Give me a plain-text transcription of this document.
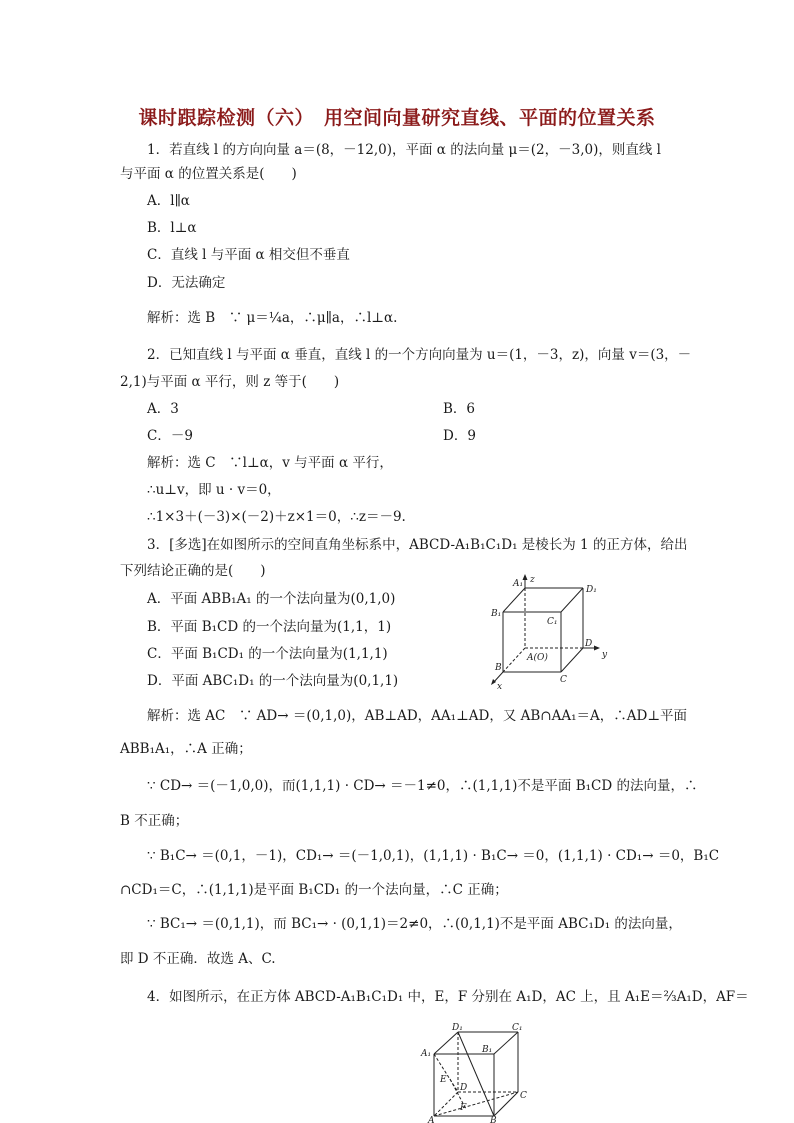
课时跟踪检测（六）　用空间向量研究直线、平面的位置关系
1．若直线 l 的方向向量 a＝(8，－12,0)，平面 α 的法向量 μ＝(2，－3,0)，则直线 l
与平面 α 的位置关系是(　　)
A．l∥α
B．l⊥α
C．直线 l 与平面 α 相交但不垂直
D．无法确定
解析：选 B　∵ μ＝¼a，∴μ∥a，∴l⊥α.
2．已知直线 l 与平面 α 垂直，直线 l 的一个方向向量为 u＝(1，－3，z)，向量 v＝(3，－
2,1)与平面 α 平行，则 z 等于(　　)
A．3	B．6
C．－9	D．9
解析：选 C　∵l⊥α，v 与平面 α 平行，
∴u⊥v，即 u · v＝0，
∴1×3＋(－3)×(－2)＋z×1＝0，∴z＝－9.
3．[多选]在如图所示的空间直角坐标系中，ABCD-A₁B₁C₁D₁ 是棱长为 1 的正方体，给出
下列结论正确的是(　　)
A．平面 ABB₁A₁ 的一个法向量为(0,1,0)
B．平面 B₁CD 的一个法向量为(1,1，1)
C．平面 B₁CD₁ 的一个法向量为(1,1,1)
D．平面 ABC₁D₁ 的一个法向量为(0,1,1)
解析：选 AC　∵ AD→ ＝(0,1,0)，AB⊥AD，AA₁⊥AD，又 AB∩AA₁＝A，∴AD⊥平面
ABB₁A₁，∴A 正确；
∵ CD→ ＝(－1,0,0)，而(1,1,1) · CD→ ＝－1≠0，∴(1,1,1)不是平面 B₁CD 的法向量，∴
B 不正确；
∵ B₁C→ ＝(0,1，－1)，CD₁→ ＝(－1,0,1)，(1,1,1) · B₁C→ ＝0，(1,1,1) · CD₁→ ＝0，B₁C
∩CD₁＝C，∴(1,1,1)是平面 B₁CD₁ 的一个法向量，∴C 正确；
∵ BC₁→ ＝(0,1,1)，而 BC₁→ · (0,1,1)＝2≠0，∴(0,1,1)不是平面 ABC₁D₁ 的法向量，
即 D 不正确．故选 A、C.
4．如图所示，在正方体 ABCD-A₁B₁C₁D₁ 中，E，F 分别在 A₁D，AC 上，且 A₁E＝⅔A₁D，AF＝
A₁
D₁
B₁
C₁
A(O)
D
B
C
z
y
x
D₁	C₁
A₁	B₁
E
D
F
C
A	B
